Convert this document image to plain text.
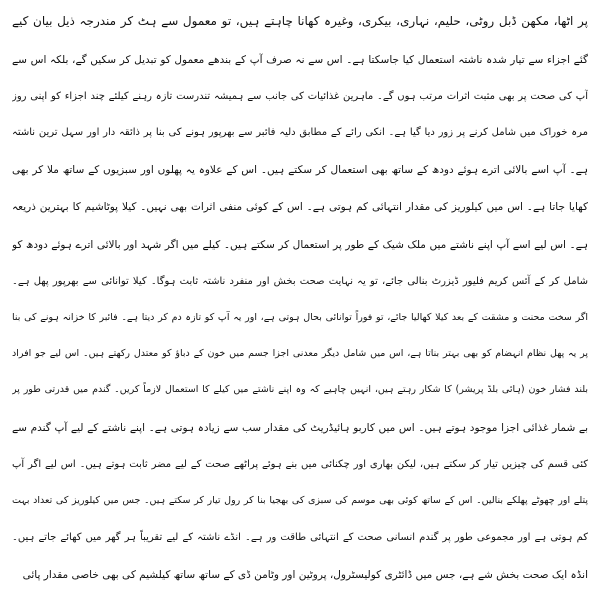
پر اٹھا، مکھن ڈبل روٹی، حلیم، نہاری، بیکری، وغیرہ کھانا چاہتے ہیں، تو معمول سے ہٹ کر مندرجہ ذیل بیان کیے

گئے اجزاء سے تیار شدہ ناشتہ استعمال کیا جاسکتا ہے۔ اس سے نہ صرف آپ کے بندھے معمول کو تبدیل کر سکیں گے، بلکہ اس سے

آپ کی صحت پر بھی مثبت اثرات مرتب ہوں گے۔ ماہرین غذائیات کی جانب سے ہمیشہ تندرست تازہ رہنے کیلئے چند اجزاء کو اپنی روز

مرہ خوراک میں شامل کرنے پر زور دیا گیا ہے۔ انکی رائے کے مطابق دلیہ فائبر سے بھرپور ہونے کی بنا پر ذائقہ دار اور سہل ترین ناشتہ

ہے۔ آپ اسے بالائی اترے ہوئے دودھ کے ساتھ بھی استعمال کر سکتے ہیں۔ اس کے علاوہ یہ پھلوں اور سبزیوں کے ساتھ ملا کر بھی

کھایا جاتا ہے۔ اس میں کیلوریز کی مقدار انتہائی کم ہوتی ہے۔ اس کے کوئی منفی اثرات بھی نہیں۔ کیلا پوٹاشیم کا بہترین ذریعہ

ہے۔ اس لیے اسے آپ اپنے ناشتے میں ملک شیک کے طور پر استعمال کر سکتے ہیں۔ کیلے میں اگر شہد اور بالائی اترے ہوئے دودھ کو

شامل کر کے آئس کریم فلیور ڈیزرٹ بنالی جائے، تو یہ نہایت صحت بخش اور منفرد ناشتہ ثابت ہوگا۔ کیلا توانائی سے بھرپور پھل ہے۔

اگر سخت محنت و مشقت کے بعد کیلا کھالیا جائے، تو فوراً توانائی بحال ہوتی ہے، اور یہ آپ کو تازہ دم کر دیتا ہے۔ فائبر کا خزانہ ہونے کی بنا

پر یہ پھل نظام انہضام کو بھی بہتر بناتا ہے، اس میں شامل دیگر معدنی اجزا جسم میں خون کے دباؤ کو معتدل رکھتے ہیں۔ اس لیے جو افراد

بلند فشار خون (ہائی بلڈ پریشر) کا شکار رہتے ہیں، انہیں چاہیے کہ وہ اپنے ناشتے میں کیلے کا استعمال لازماً کریں۔ گندم میں قدرتی طور پر

بے شمار غذائی اجزا موجود ہوتے ہیں۔ اس میں کاربو ہائیڈریٹ کی مقدار سب سے زیادہ ہوتی ہے۔ اپنے ناشتے کے لیے آپ گندم سے

کئی قسم کی چیزیں تیار کر سکتے ہیں، لیکن بھاری اور چکنائی میں بنے ہوئے پراٹھے صحت کے لیے مضر ثابت ہوتے ہیں۔ اس لیے اگر آپ

پتلے اور چھوٹے پھلکے بنالیں۔ اس کے ساتھ کوئی بھی موسم کی سبزی کی بھجیا بنا کر رول تیار کر سکتے ہیں۔ جس میں کیلوریز کی تعداد بہت

کم ہوتی ہے اور مجموعی طور پر گندم انسانی صحت کے انتہائی طاقت ور ہے۔ انڈے ناشتہ کے لیے تقریباً ہر گھر میں کھائے جاتے ہیں۔

انڈہ ایک صحت بخش شے ہے، جس میں ڈائٹری کولیسٹرول، پروٹین اور وٹامن ڈی کے ساتھ ساتھ کیلشیم کی بھی خاصی مقدار پائی
